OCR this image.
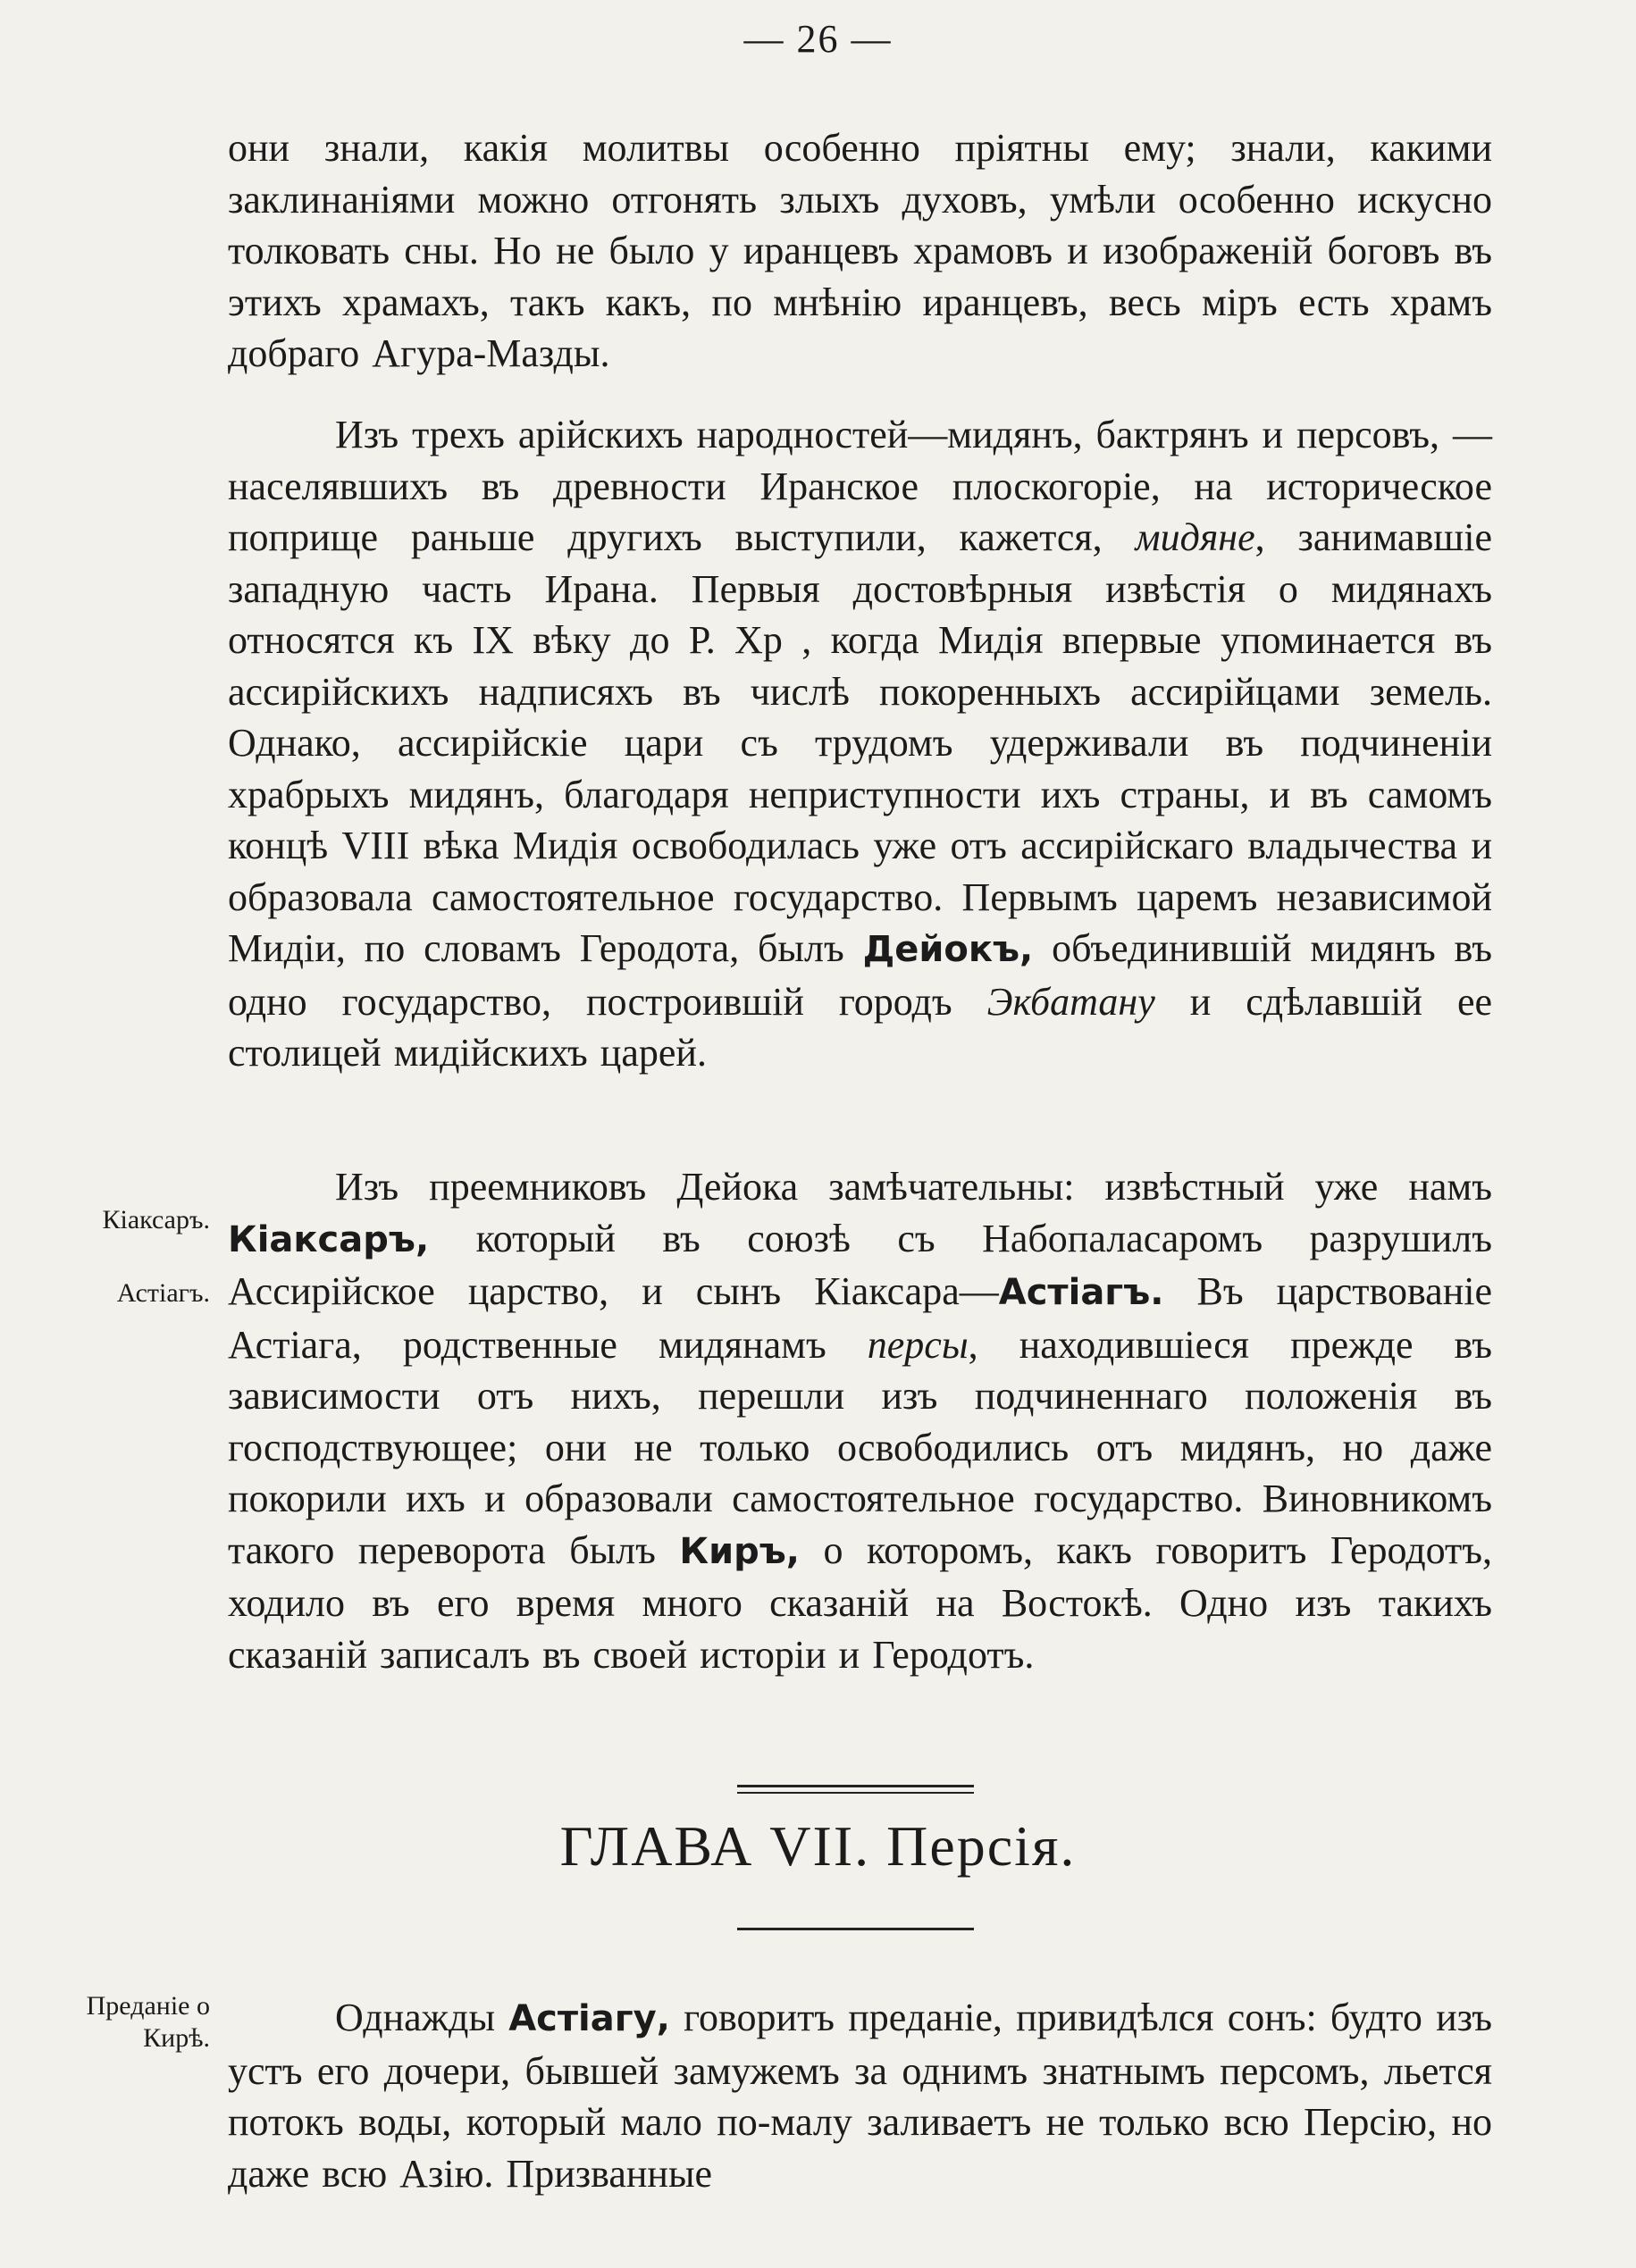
— 26 —

они знали, какія молитвы особенно пріятны ему; знали, какими заклинаніями можно отгонять злыхъ духовъ, умѣли особенно искусно толковать сны. Но не было у иранцевъ храмовъ и изображеній боговъ въ этихъ храмахъ, такъ какъ, по мнѣнію иранцевъ, весь міръ есть храмъ добраго Агура-Мазды.

Изъ трехъ арійскихъ народностей—мидянъ, бактрянъ и персовъ, — населявшихъ въ древности Иранское плоскогоріе, на историческое поприще раньше другихъ выступили, кажется, мидяне, занимавшіе западную часть Ирана. Первыя достовѣрныя извѣстія о мидянахъ относятся къ IX вѣку до Р. Хр , когда Мидія впервые упоминается въ ассирійскихъ надписяхъ въ числѣ покоренныхъ ассирійцами земель. Однако, ассирійскіе цари съ трудомъ удерживали въ подчиненіи храбрыхъ мидянъ, благодаря неприступности ихъ страны, и въ самомъ концѣ VIII вѣка Мидія освободилась уже отъ ассирійскаго владычества и образовала самостоятельное государство. Первымъ царемъ независимой Мидіи, по словамъ Геродота, былъ Дейокъ, объединившій мидянъ въ одно государство, построившій городъ Экбатану и сдѣлавшій ее столицей мидійскихъ царей.

Изъ преемниковъ Дейока замѣчательны: извѣстный уже намъ Кіаксаръ, который въ союзѣ съ Набопаласаромъ разрушилъ Ассирійское царство, и сынъ Кіаксара—Астіагъ. Въ царствованіе Астіага, родственные мидянамъ персы, находившіеся прежде въ зависимости отъ нихъ, перешли изъ подчиненнаго положенія въ господствующее; они не только освободились отъ мидянъ, но даже покорили ихъ и образовали самостоятельное государство. Виновникомъ такого переворота былъ Киръ, о которомъ, какъ говоритъ Геродотъ, ходило въ его время много сказаній на Востокѣ. Одно изъ такихъ сказаній записалъ въ своей исторіи и Геродотъ.

Кіаксаръ.
Астіагъ.
ГЛАВА VII. Персія.
Преданіе о Кирѣ.	Однажды Астіагу, говоритъ преданіе, привидѣлся сонъ: будто изъ устъ его дочери, бывшей замужемъ за однимъ знатнымъ персомъ, льется потокъ воды, который мало по-малу заливаетъ не только всю Персію, но даже всю Азію. Призванные
